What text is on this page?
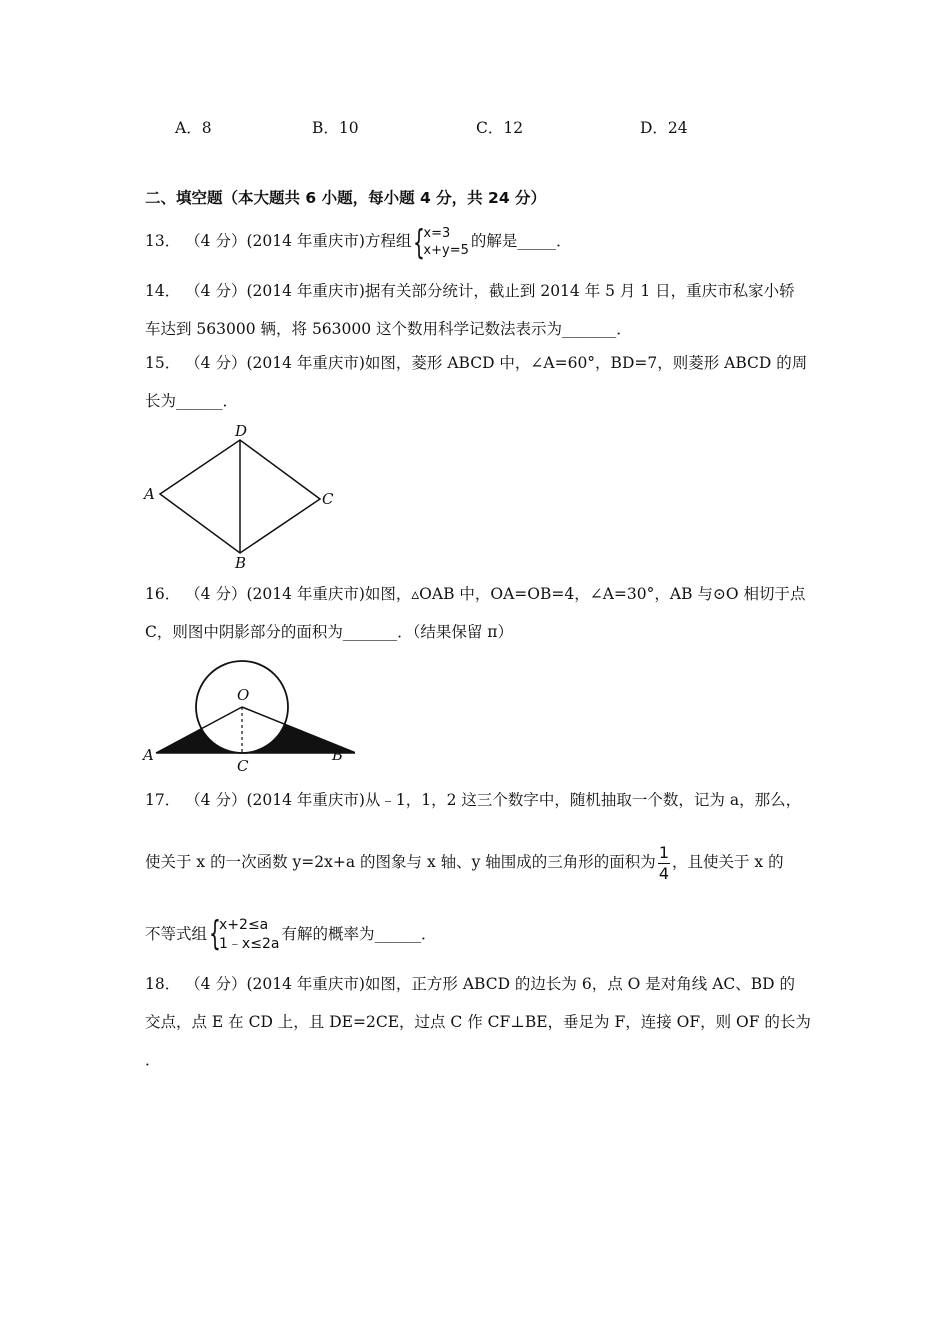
A．8	B．10	C．12	D．24
二、填空题（本大题共 6 小题，每小题 4 分，共 24 分）
13． （4 分）(2014 年重庆市)方程组 {
x=3
x+y=5
的解是_____．
14． （4 分）(2014 年重庆市)据有关部分统计，截止到 2014 年 5 月 1 日，重庆市私家小轿
车达到 563000 辆，将 563000 这个数用科学记数法表示为_______．
15． （4 分）(2014 年重庆市)如图，菱形 ABCD 中，∠A=60°，BD=7，则菱形 ABCD 的周
长为______．
D
A	C
B
16． （4 分）(2014 年重庆市)如图，▵OAB 中，OA=OB=4，∠A=30°，AB 与⊙O 相切于点
C，则图中阴影部分的面积为_______．（结果保留 π）
O
A	B
C
17． （4 分）(2014 年重庆市)从﹣1，1，2 这三个数字中，随机抽取一个数，记为 a，那么，
使关于 x 的一次函数 y=2x+a 的图象与 x 轴、y 轴围成的三角形的面积为 $\frac{1}{4}$ ，且使关于 x 的
不等式组 {
x+2≤a
1﹣x≤2a
有解的概率为______．
18． （4 分）(2014 年重庆市)如图，正方形 ABCD 的边长为 6，点 O 是对角线 AC、BD 的
交点，点 E 在 CD 上，且 DE=2CE，过点 C 作 CF⊥BE，垂足为 F，连接 OF，则 OF 的长为
．
